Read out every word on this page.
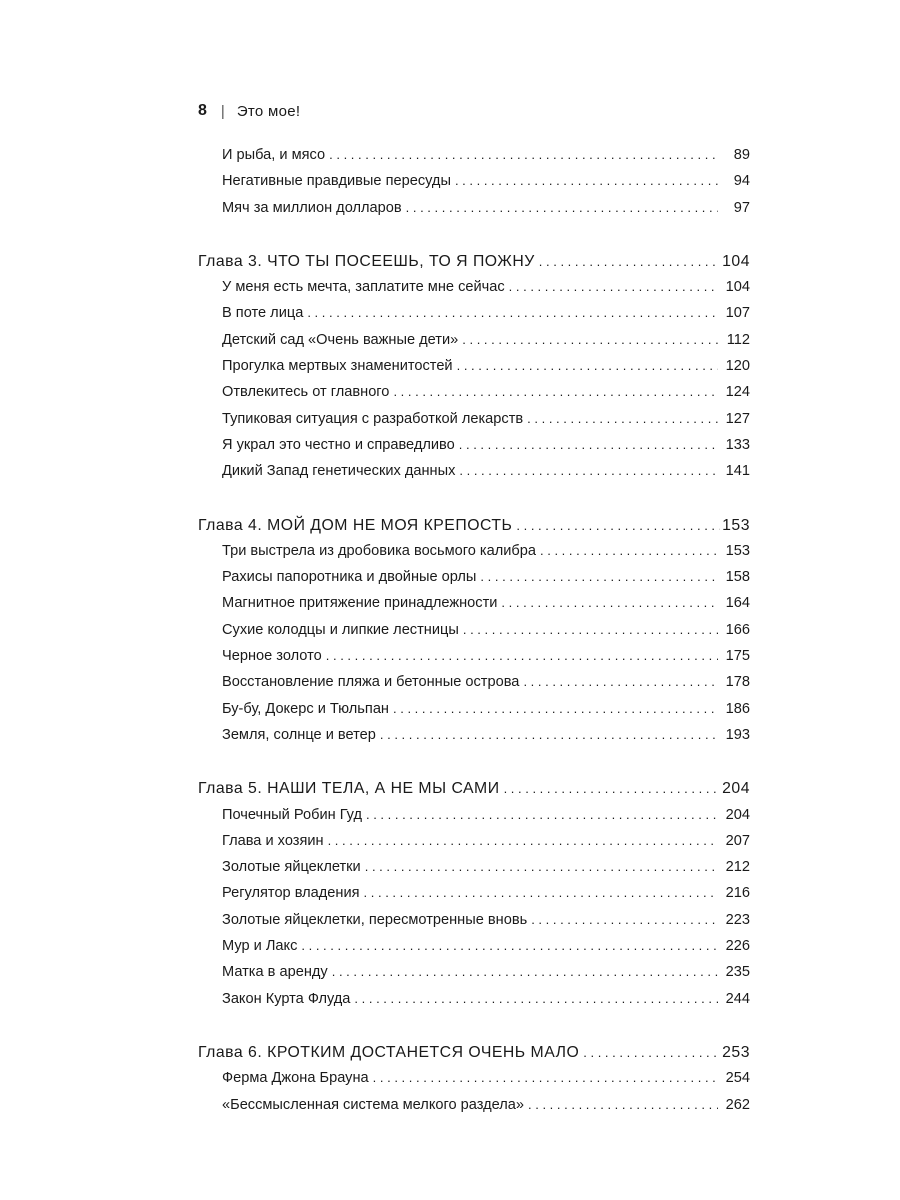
8 | Это мое!
И рыба, и мясо . . .	89
Негативные правдивые пересуды . . .	94
Мяч за миллион долларов . . .	97
Глава 3. ЧТО ТЫ ПОСЕЕШЬ, ТО Я ПОЖНУ . . .	104
У меня есть мечта, заплатите мне сейчас . . .	104
В поте лица . . .	107
Детский сад «Очень важные дети» . . .	112
Прогулка мертвых знаменитостей . . .	120
Отвлекитесь от главного . . .	124
Тупиковая ситуация с разработкой лекарств . . .	127
Я украл это честно и справедливо . . .	133
Дикий Запад генетических данных . . .	141
Глава 4. МОЙ ДОМ НЕ МОЯ КРЕПОСТЬ . . .	153
Три выстрела из дробовика восьмого калибра . . .	153
Рахисы папоротника и двойные орлы . . .	158
Магнитное притяжение принадлежности . . .	164
Сухие колодцы и липкие лестницы . . .	166
Черное золото . . .	175
Восстановление пляжа и бетонные острова . . .	178
Бу-бу, Докерс и Тюльпан . . .	186
Земля, солнце и ветер . . .	193
Глава 5. НАШИ ТЕЛА, А НЕ МЫ САМИ . . .	204
Почечный Робин Гуд . . .	204
Глава и хозяин . . .	207
Золотые яйцеклетки . . .	212
Регулятор владения . . .	216
Золотые яйцеклетки, пересмотренные вновь . . .	223
Мур и Лакс . . .	226
Матка в аренду . . .	235
Закон Курта Флуда . . .	244
Глава 6. КРОТКИМ ДОСТАНЕТСЯ ОЧЕНЬ МАЛО . . .	253
Ферма Джона Брауна . . .	254
«Бессмысленная система мелкого раздела» . . .	262
